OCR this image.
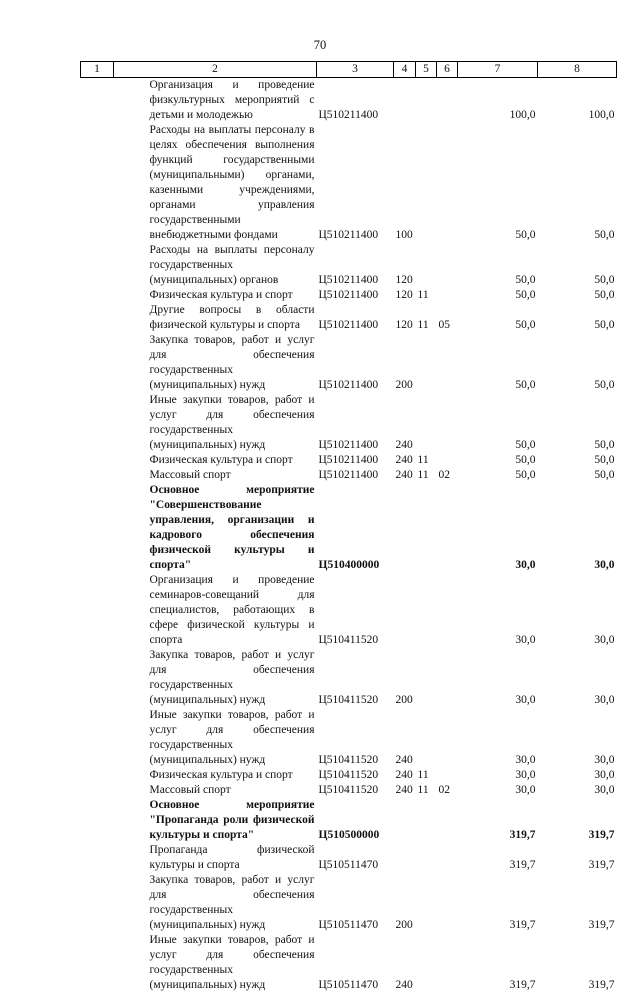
70
1	2	3	4	5	6	7	8
	Организация и проведение физкультурных мероприятий с детьми и молодежью	Ц510211400				100,0	100,0
	Расходы на выплаты персоналу в целях обеспечения выполнения функций государственными (муниципальными) органами, казенными учреждениями, органами управления государственными внебюджетными фондами	Ц510211400	100			50,0	50,0
	Расходы на выплаты персоналу государственных (муниципальных) органов	Ц510211400	120			50,0	50,0
	Физическая культура и спорт	Ц510211400	120	11		50,0	50,0
	Другие вопросы в области физической культуры и спорта	Ц510211400	120	11	05	50,0	50,0
	Закупка товаров, работ и услуг для обеспечения государственных (муниципальных) нужд	Ц510211400	200			50,0	50,0
	Иные закупки товаров, работ и услуг для обеспечения государственных (муниципальных) нужд	Ц510211400	240			50,0	50,0
	Физическая культура и спорт	Ц510211400	240	11		50,0	50,0
	Массовый спорт	Ц510211400	240	11	02	50,0	50,0
	Основное мероприятие "Совершенствование управления, организации и кадрового обеспечения физической культуры и спорта"	Ц510400000				30,0	30,0
	Организация и проведение семинаров-совещаний для специалистов, работающих в сфере физической культуры и спорта	Ц510411520				30,0	30,0
	Закупка товаров, работ и услуг для обеспечения государственных (муниципальных) нужд	Ц510411520	200			30,0	30,0
	Иные закупки товаров, работ и услуг для обеспечения государственных (муниципальных) нужд	Ц510411520	240			30,0	30,0
	Физическая культура и спорт	Ц510411520	240	11		30,0	30,0
	Массовый спорт	Ц510411520	240	11	02	30,0	30,0
	Основное мероприятие "Пропаганда роли физической культуры и спорта"	Ц510500000				319,7	319,7
	Пропаганда физической культуры и спорта	Ц510511470				319,7	319,7
	Закупка товаров, работ и услуг для обеспечения государственных (муниципальных) нужд	Ц510511470	200			319,7	319,7
	Иные закупки товаров, работ и услуг для обеспечения государственных (муниципальных) нужд	Ц510511470	240			319,7	319,7
